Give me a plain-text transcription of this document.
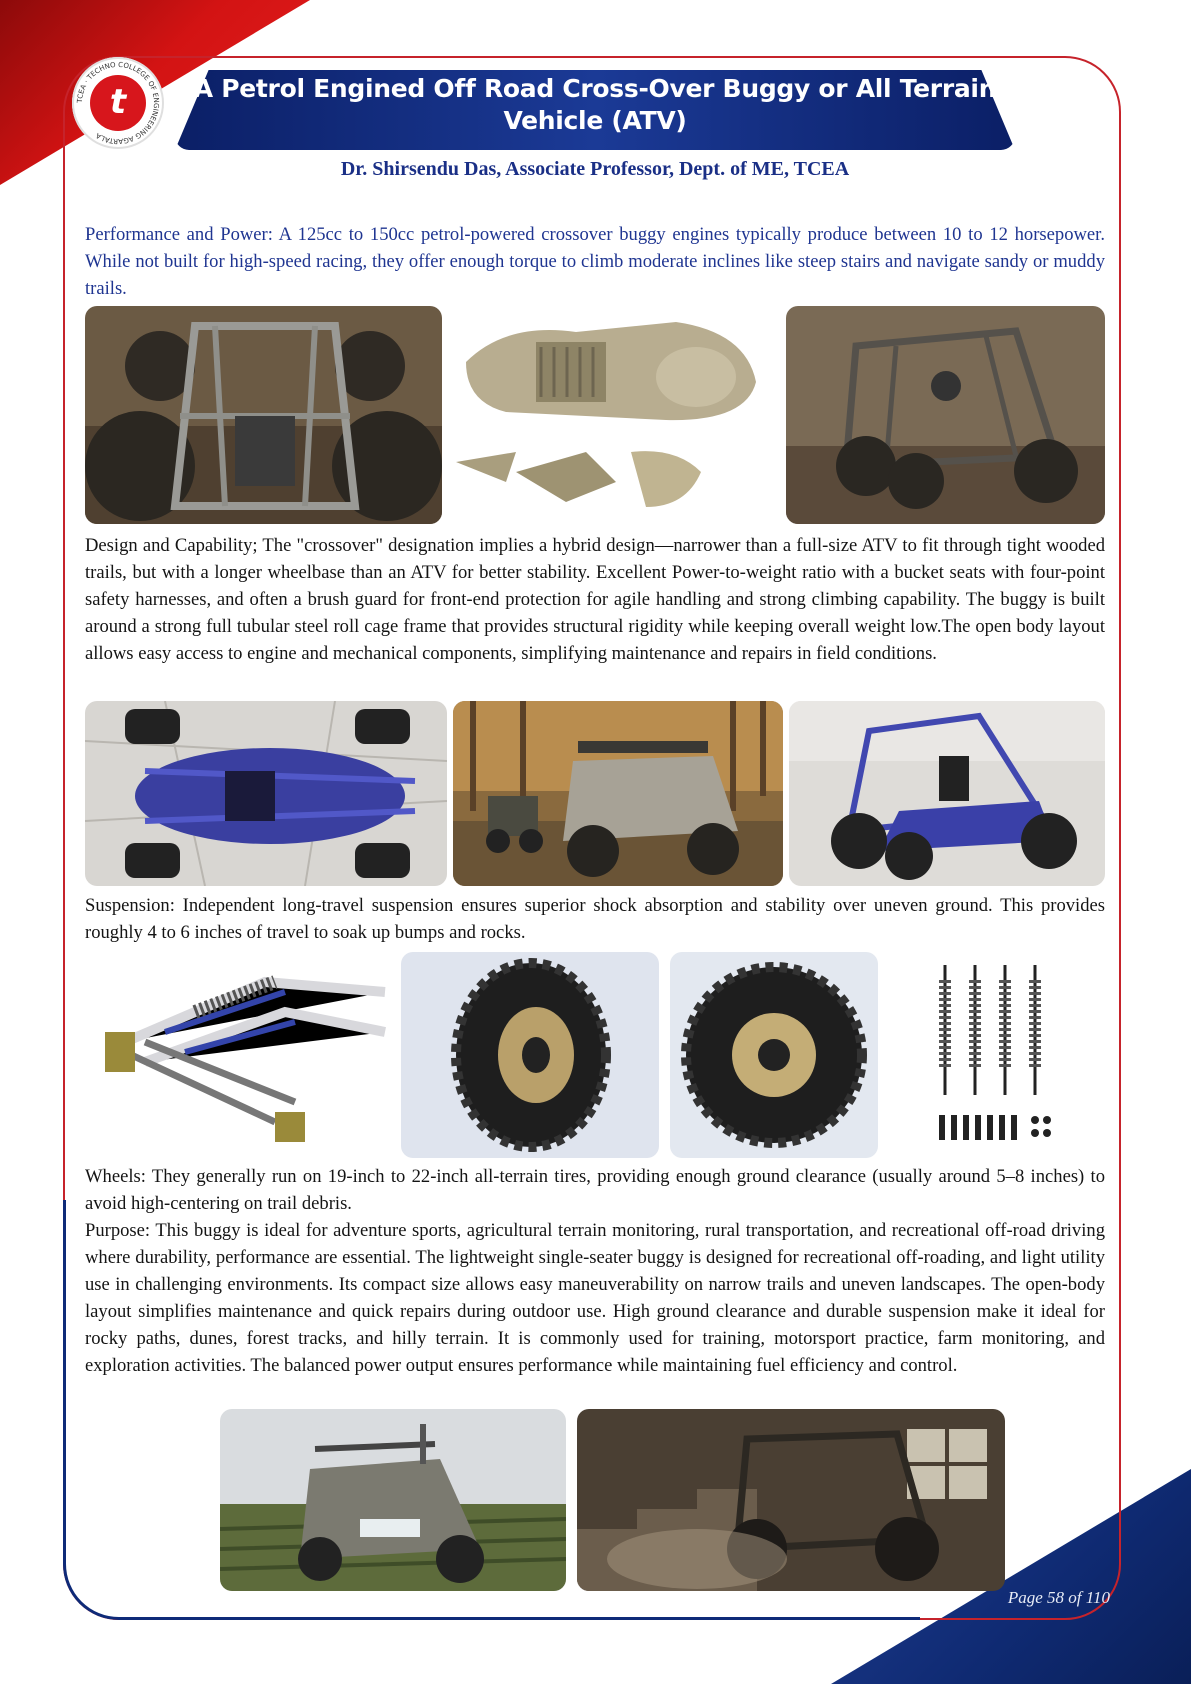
TCEA · TECHNO COLLEGE OF ENGINEERING AGARTALA
t	A Petrol Engined Off Road Cross-Over Buggy or All Terrain
Vehicle (ATV)
Dr. Shirsendu Das, Associate Professor, Dept. of ME, TCEA

Performance and Power: A 125cc to 150cc petrol-powered crossover buggy engines typically produce between 10 to 12 horsepower. While not built for high-speed racing, they offer enough torque to climb moderate inclines like steep stairs and navigate sandy or muddy trails.

Design and Capability; The "crossover" designation implies a hybrid design—narrower than a full-size ATV to fit through tight wooded trails, but with a longer wheelbase than an ATV for better stability. Excellent Power-to-weight ratio with a bucket seats with four-point safety harnesses, and often a brush guard for front-end protection for agile handling and strong climbing capability. The buggy is built around a strong full tubular steel roll cage frame that provides structural rigidity while keeping overall weight low.The open body layout allows easy access to engine and mechanical components, simplifying maintenance and repairs in field conditions.

Suspension: Independent long-travel suspension ensures superior shock absorption and stability over uneven ground. This provides roughly 4 to 6 inches of travel to soak up bumps and rocks.

Wheels: They generally run on 19-inch to 22-inch all-terrain tires, providing enough ground clearance (usually around 5–8 inches) to avoid high-centering on trail debris.

Purpose: This buggy is ideal for adventure sports, agricultural terrain monitoring, rural transportation, and recreational off-road driving where durability, performance are essential. The lightweight single-seater buggy is designed for recreational off-roading, and light utility use in challenging environments. Its compact size allows easy maneuverability on narrow trails and uneven landscapes. The open-body layout simplifies maintenance and quick repairs during outdoor use. High ground clearance and durable suspension make it ideal for rocky paths, dunes, forest tracks, and hilly terrain. It is commonly used for training, motorsport practice, farm monitoring, and exploration activities. The balanced power output ensures performance while maintaining fuel efficiency and control.

Page 58 of 110
